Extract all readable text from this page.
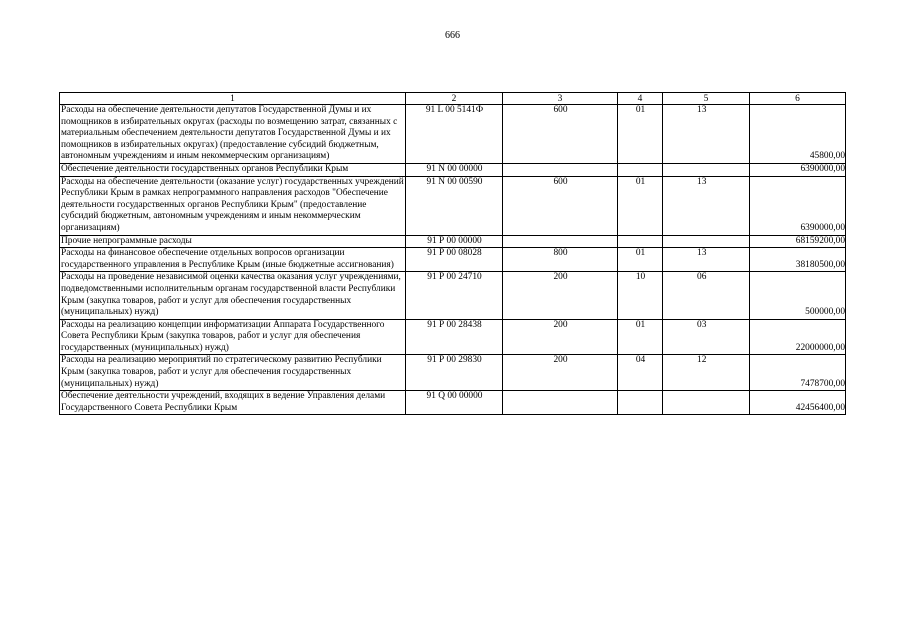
666
1	2	3	4	5	6
Расходы на обеспечение деятельности депутатов Государственной Думы и их помощников в избирательных округах (расходы по возмещению затрат, связанных с материальным обеспечением деятельности депутатов Государственной Думы и их помощников в избирательных округах) (предоставление субсидий бюджетным, автономным учреждениям и иным некоммерческим организациям)	91 L 00 5141Ф	600	01	13	45800,00
Обеспечение деятельности государственных органов Республики Крым	91 N 00 00000				6390000,00
Расходы на обеспечение деятельности (оказание услуг) государственных учреждений Республики Крым в рамках непрограммного направления расходов "Обеспечение деятельности государственных органов Республики Крым" (предоставление субсидий бюджетным, автономным учреждениям и иным некоммерческим организациям)	91 N 00 00590	600	01	13	6390000,00
Прочие непрограммные расходы	91 Р 00 00000				68159200,00
Расходы на финансовое обеспечение отдельных вопросов организации государственного управления в Республике Крым (иные бюджетные ассигнования)	91 Р 00 08028	800	01	13	38180500,00
Расходы на проведение независимой оценки качества оказания услуг учреждениями, подведомственными исполнительным органам государственной власти Республики Крым (закупка товаров, работ и услуг для обеспечения государственных (муниципальных) нужд)	91 Р 00 24710	200	10	06	500000,00
Расходы на реализацию концепции информатизации Аппарата Государственного Совета Республики Крым (закупка товаров, работ и услуг для обеспечения государственных (муниципальных) нужд)	91 Р 00 28438	200	01	03	22000000,00
Расходы на реализацию мероприятий по стратегическому развитию Республики Крым (закупка товаров, работ и услуг для обеспечения государственных (муниципальных) нужд)	91 Р 00 29830	200	04	12	7478700,00
Обеспечение деятельности учреждений, входящих в ведение Управления делами Государственного Совета Республики Крым	91 Q 00 00000				42456400,00
